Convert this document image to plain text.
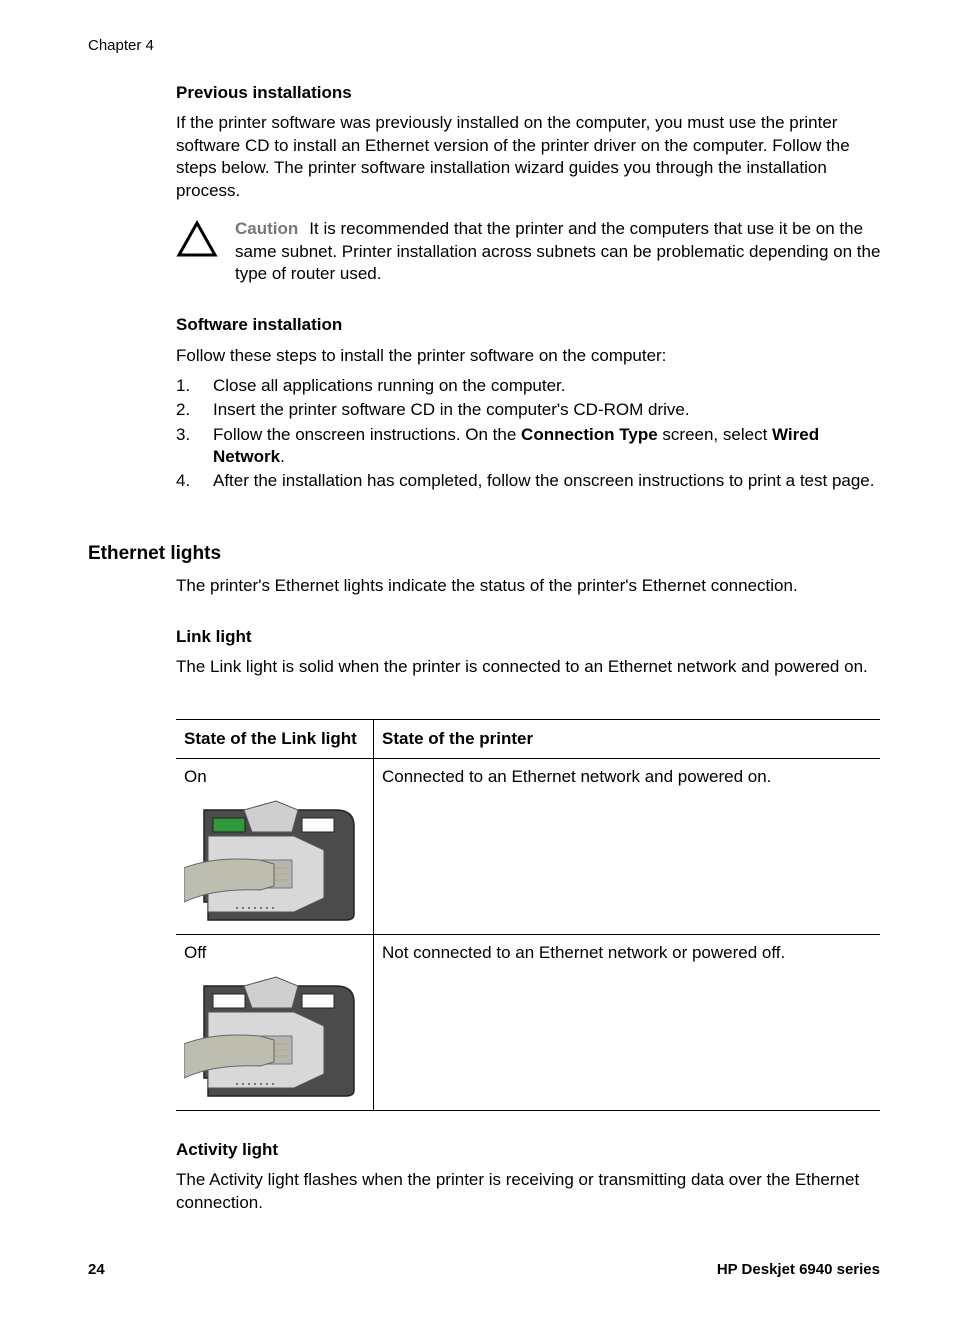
Chapter 4
Previous installations
If the printer software was previously installed on the computer, you must use the printer software CD to install an Ethernet version of the printer driver on the computer. Follow the steps below. The printer software installation wizard guides you through the installation process.
Caution It is recommended that the printer and the computers that use it be on the same subnet. Printer installation across subnets can be problematic depending on the type of router used.
Software installation
Follow these steps to install the printer software on the computer:
1. Close all applications running on the computer.
2. Insert the printer software CD in the computer's CD-ROM drive.
3. Follow the onscreen instructions. On the Connection Type screen, select Wired Network.
4. After the installation has completed, follow the onscreen instructions to print a test page.
Ethernet lights
The printer's Ethernet lights indicate the status of the printer's Ethernet connection.
Link light
The Link light is solid when the printer is connected to an Ethernet network and powered on.
State of the Link light	State of the printer

On	Connected to an Ethernet network and powered on.

Off	Not connected to an Ethernet network or powered off.
Activity light
The Activity light flashes when the printer is receiving or transmitting data over the Ethernet connection.
24	HP Deskjet 6940 series
